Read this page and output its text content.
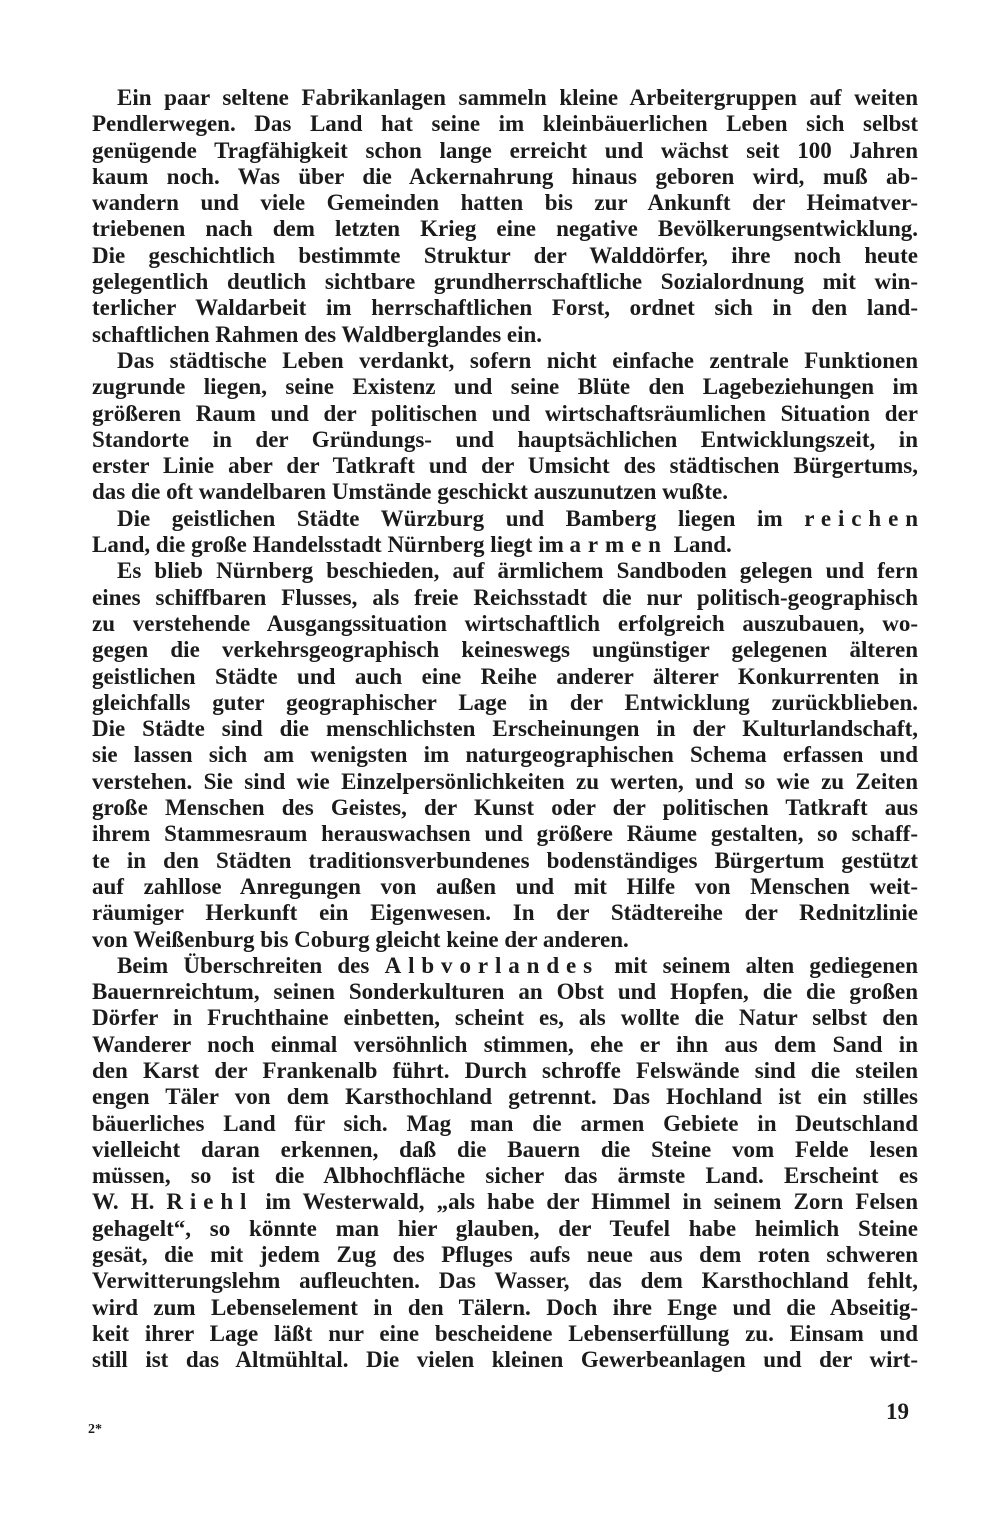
Ein paar seltene Fabrikanlagen sammeln kleine Arbeitergruppen auf weiten
Pendlerwegen. Das Land hat seine im kleinbäuerlichen Leben sich selbst
genügende Tragfähigkeit schon lange erreicht und wächst seit 100 Jahren
kaum noch. Was über die Ackernahrung hinaus geboren wird, muß ab-
wandern und viele Gemeinden hatten bis zur Ankunft der Heimatver-
triebenen nach dem letzten Krieg eine negative Bevölkerungsentwicklung.
Die geschichtlich bestimmte Struktur der Walddörfer, ihre noch heute
gelegentlich deutlich sichtbare grundherrschaftliche Sozialordnung mit win-
terlicher Waldarbeit im herrschaftlichen Forst, ordnet sich in den land-
schaftlichen Rahmen des Waldberglandes ein.
Das städtische Leben verdankt, sofern nicht einfache zentrale Funktionen
zugrunde liegen, seine Existenz und seine Blüte den Lagebeziehungen im
größeren Raum und der politischen und wirtschaftsräumlichen Situation der
Standorte in der Gründungs- und hauptsächlichen Entwicklungszeit, in
erster Linie aber der Tatkraft und der Umsicht des städtischen Bürgertums,
das die oft wandelbaren Umstände geschickt auszunutzen wußte.
Die geistlichen Städte Würzburg und Bamberg liegen im reichen
Land, die große Handelsstadt Nürnberg liegt im armen Land.
Es blieb Nürnberg beschieden, auf ärmlichem Sandboden gelegen und fern
eines schiffbaren Flusses, als freie Reichsstadt die nur politisch-geographisch
zu verstehende Ausgangssituation wirtschaftlich erfolgreich auszubauen, wo-
gegen die verkehrsgeographisch keineswegs ungünstiger gelegenen älteren
geistlichen Städte und auch eine Reihe anderer älterer Konkurrenten in
gleichfalls guter geographischer Lage in der Entwicklung zurückblieben.
Die Städte sind die menschlichsten Erscheinungen in der Kulturlandschaft,
sie lassen sich am wenigsten im naturgeographischen Schema erfassen und
verstehen. Sie sind wie Einzelpersönlichkeiten zu werten, und so wie zu Zeiten
große Menschen des Geistes, der Kunst oder der politischen Tatkraft aus
ihrem Stammesraum herauswachsen und größere Räume gestalten, so schaff-
te in den Städten traditionsverbundenes bodenständiges Bürgertum gestützt
auf zahllose Anregungen von außen und mit Hilfe von Menschen weit-
räumiger Herkunft ein Eigenwesen. In der Städtereihe der Rednitzlinie
von Weißenburg bis Coburg gleicht keine der anderen.
Beim Überschreiten des Albvorlandes mit seinem alten gediegenen
Bauernreichtum, seinen Sonderkulturen an Obst und Hopfen, die die großen
Dörfer in Fruchthaine einbetten, scheint es, als wollte die Natur selbst den
Wanderer noch einmal versöhnlich stimmen, ehe er ihn aus dem Sand in
den Karst der Frankenalb führt. Durch schroffe Felswände sind die steilen
engen Täler von dem Karsthochland getrennt. Das Hochland ist ein stilles
bäuerliches Land für sich. Mag man die armen Gebiete in Deutschland
vielleicht daran erkennen, daß die Bauern die Steine vom Felde lesen
müssen, so ist die Albhochfläche sicher das ärmste Land. Erscheint es
W. H. Riehl im Westerwald, „als habe der Himmel in seinem Zorn Felsen
gehagelt“, so könnte man hier glauben, der Teufel habe heimlich Steine
gesät, die mit jedem Zug des Pfluges aufs neue aus dem roten schweren
Verwitterungslehm aufleuchten. Das Wasser, das dem Karsthochland fehlt,
wird zum Lebenselement in den Tälern. Doch ihre Enge und die Abseitig-
keit ihrer Lage läßt nur eine bescheidene Lebenserfüllung zu. Einsam und
still ist das Altmühltal. Die vielen kleinen Gewerbeanlagen und der wirt-
19
2*
